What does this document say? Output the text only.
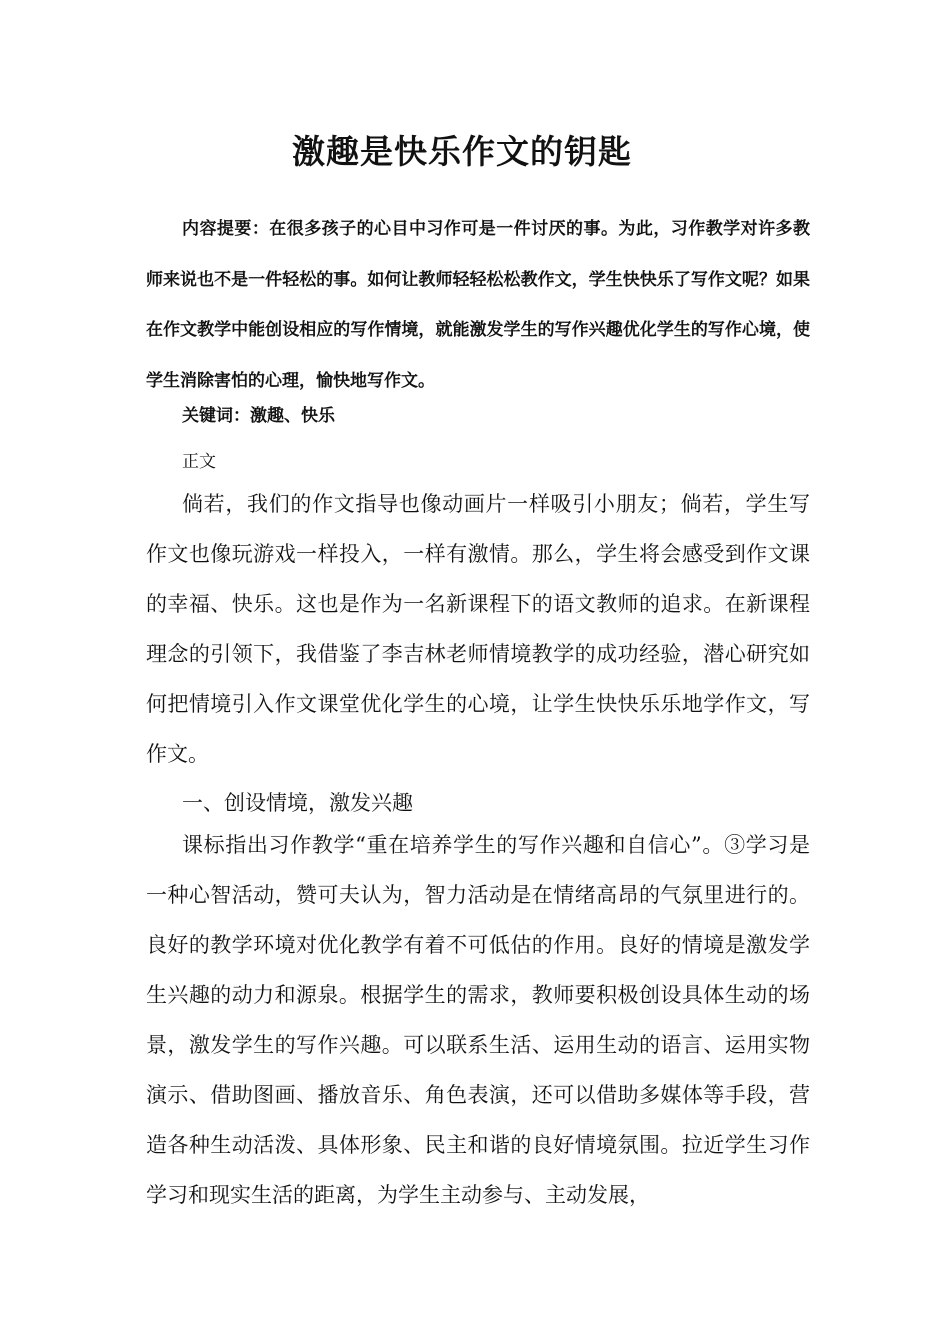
激趣是快乐作文的钥匙

内容提要：在很多孩子的心目中习作可是一件讨厌的事。为此，习作教学对许多教师来说也不是一件轻松的事。如何让教师轻轻松松教作文，学生快快乐了写作文呢？如果在作文教学中能创设相应的写作情境，就能激发学生的写作兴趣优化学生的写作心境，使学生消除害怕的心理，愉快地写作文。

关键词：激趣、快乐

正文

倘若，我们的作文指导也像动画片一样吸引小朋友；倘若，学生写作文也像玩游戏一样投入，一样有激情。那么，学生将会感受到作文课的幸福、快乐。这也是作为一名新课程下的语文教师的追求。在新课程理念的引领下，我借鉴了李吉林老师情境教学的成功经验，潜心研究如何把情境引入作文课堂优化学生的心境，让学生快快乐乐地学作文，写作文。

一、创设情境，激发兴趣

课标指出习作教学“重在培养学生的写作兴趣和自信心”。③学习是一种心智活动，赞可夫认为，智力活动是在情绪高昂的气氛里进行的。良好的教学环境对优化教学有着不可低估的作用。良好的情境是激发学生兴趣的动力和源泉。根据学生的需求，教师要积极创设具体生动的场景，激发学生的写作兴趣。可以联系生活、运用生动的语言、运用实物演示、借助图画、播放音乐、角色表演，还可以借助多媒体等手段，营造各种生动活泼、具体形象、民主和谐的良好情境氛围。拉近学生习作学习和现实生活的距离，为学生主动参与、主动发展，
